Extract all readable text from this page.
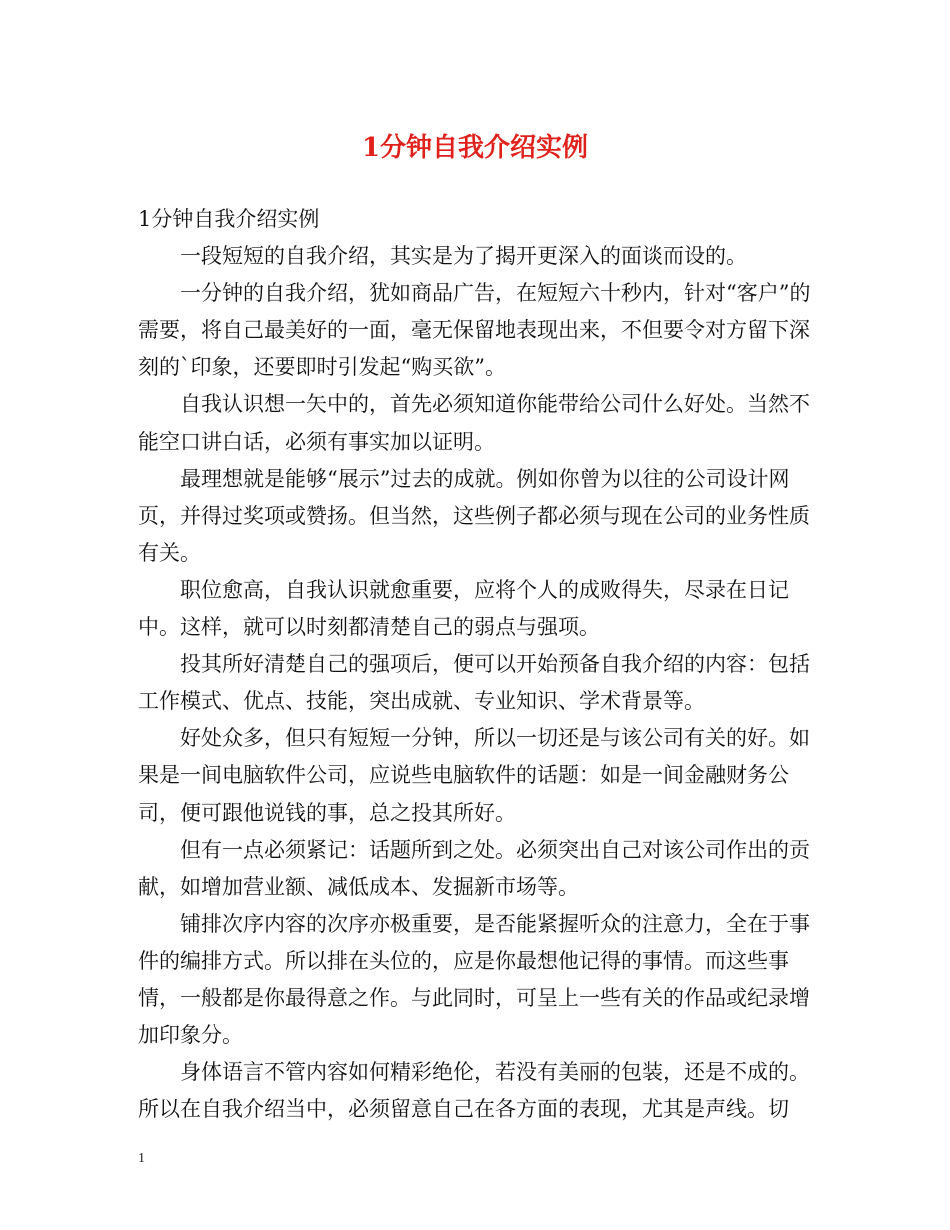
1分钟自我介绍实例

1分钟自我介绍实例

一段短短的自我介绍，其实是为了揭开更深入的面谈而设的。

一分钟的自我介绍，犹如商品广告，在短短六十秒内，针对“客户”的需要，将自己最美好的一面，毫无保留地表现出来，不但要令对方留下深刻的`印象，还要即时引发起“购买欲”。

自我认识想一矢中的，首先必须知道你能带给公司什么好处。当然不能空口讲白话，必须有事实加以证明。

最理想就是能够“展示”过去的成就。例如你曾为以往的公司设计网页，并得过奖项或赞扬。但当然，这些例子都必须与现在公司的业务性质有关。

职位愈高，自我认识就愈重要，应将个人的成败得失，尽录在日记中。这样，就可以时刻都清楚自己的弱点与强项。

投其所好清楚自己的强项后，便可以开始预备自我介绍的内容：包括工作模式、优点、技能，突出成就、专业知识、学术背景等。

好处众多，但只有短短一分钟，所以一切还是与该公司有关的好。如果是一间电脑软件公司，应说些电脑软件的话题：如是一间金融财务公司，便可跟他说钱的事，总之投其所好。

但有一点必须紧记：话题所到之处。必须突出自己对该公司作出的贡献，如增加营业额、减低成本、发掘新市场等。

铺排次序内容的次序亦极重要，是否能紧握听众的注意力，全在于事件的编排方式。所以排在头位的，应是你最想他记得的事情。而这些事情，一般都是你最得意之作。与此同时，可呈上一些有关的作品或纪录增加印象分。

身体语言不管内容如何精彩绝伦，若没有美丽的包装，还是不成的。所以在自我介绍当中，必须留意自己在各方面的表现，尤其是声线。切

1
